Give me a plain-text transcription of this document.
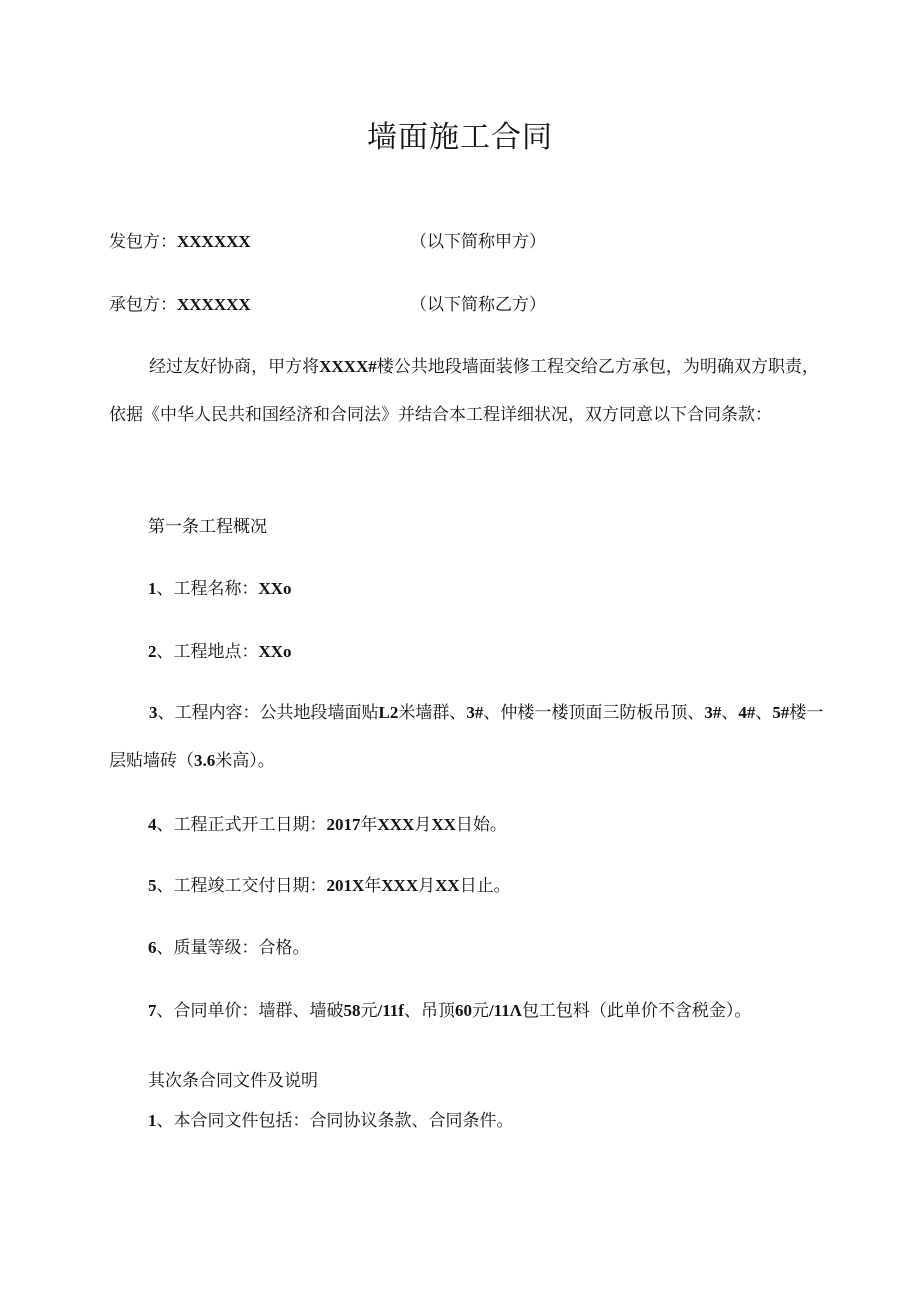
墙面施工合同

发包方：XXXXXX	（以下简称甲方）

承包方：XXXXXX	（以下简称乙方）

经过友好协商，甲方将XXXX#楼公共地段墙面装修工程交给乙方承包，为明确双方职责，依据《中华人民共和国经济和合同法》并结合本工程详细状况，双方同意以下合同条款：

第一条工程概况

1、工程名称：XXo

2、工程地点：XXo

3、工程内容：公共地段墙面贴L2米墙群、3#、仲楼一楼顶面三防板吊顶、3#、4#、5#楼一层贴墙砖（3.6米高）。

4、工程正式开工日期：2017年XXX月XX日始。

5、工程竣工交付日期：201X年XXX月XX日止。

6、质量等级：合格。

7、合同单价：墙群、墙破58元/11f、吊顶60元/11Λ包工包料（此单价不含税金）。

其次条合同文件及说明

1、本合同文件包括：合同协议条款、合同条件。
